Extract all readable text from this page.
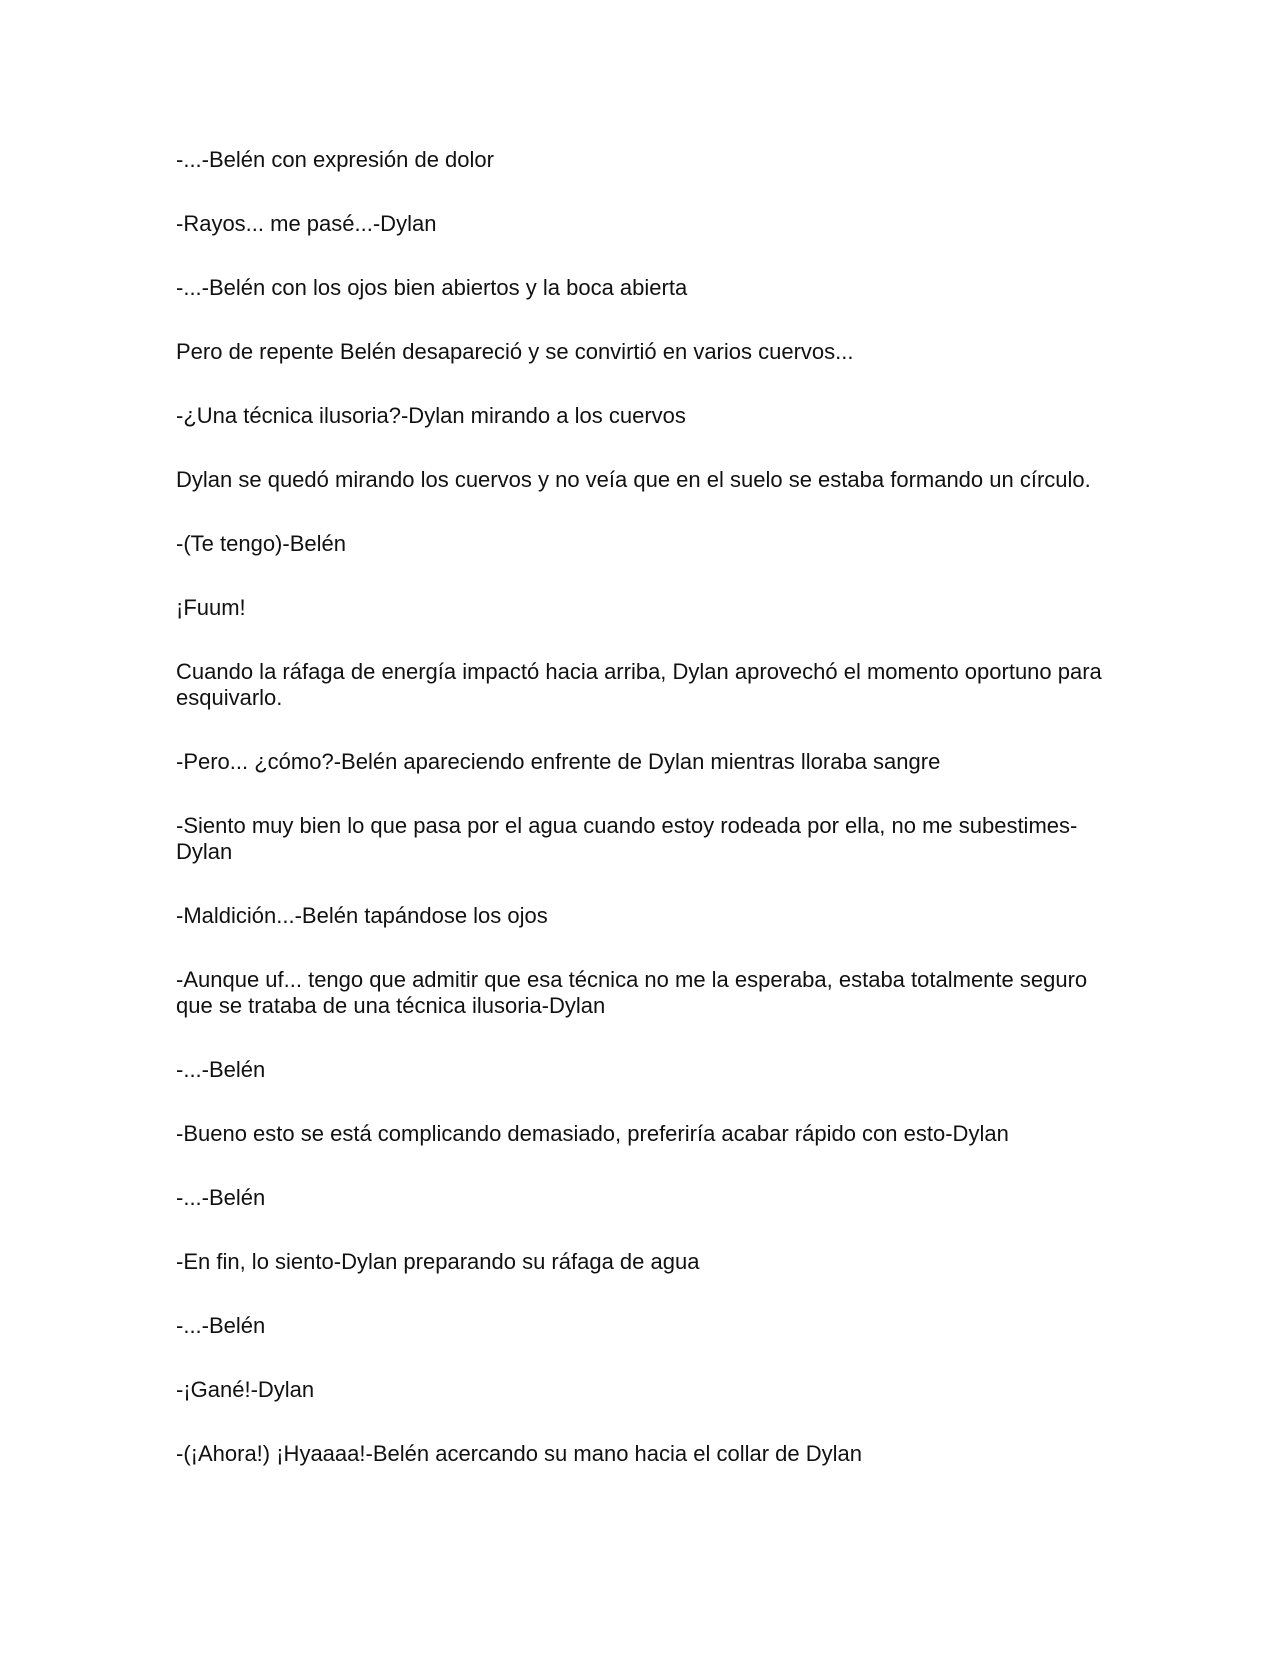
-...-Belén con expresión de dolor

-Rayos... me pasé...-Dylan

-...-Belén con los ojos bien abiertos y la boca abierta

Pero de repente Belén desapareció y se convirtió en varios cuervos...

-¿Una técnica ilusoria?-Dylan mirando a los cuervos

Dylan se quedó mirando los cuervos y no veía que en el suelo se estaba formando un círculo.

-(Te tengo)-Belén

¡Fuum!

Cuando la ráfaga de energía impactó hacia arriba, Dylan aprovechó el momento oportuno para esquivarlo.

-Pero... ¿cómo?-Belén apareciendo enfrente de Dylan mientras lloraba sangre

-Siento muy bien lo que pasa por el agua cuando estoy rodeada por ella, no me subestimes-Dylan

-Maldición...-Belén tapándose los ojos

-Aunque uf... tengo que admitir que esa técnica no me la esperaba, estaba totalmente seguro que se trataba de una técnica ilusoria-Dylan

-...-Belén

-Bueno esto se está complicando demasiado, preferiría acabar rápido con esto-Dylan

-...-Belén

-En fin, lo siento-Dylan preparando su ráfaga de agua

-...-Belén

-¡Gané!-Dylan

-(¡Ahora!) ¡Hyaaaa!-Belén acercando su mano hacia el collar de Dylan
